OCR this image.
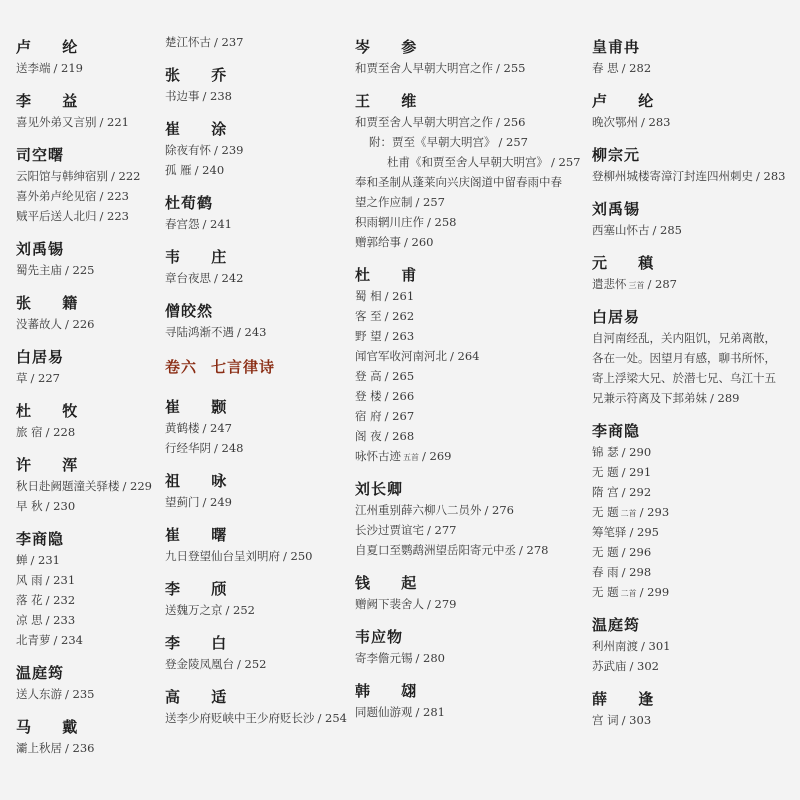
卢 纶
送李端 / 219
李 益
喜见外弟又言别 / 221
司空曙
云阳馆与韩绅宿别 / 222
喜外弟卢纶见宿 / 223
贼平后送人北归 / 223
刘禹锡
蜀先主庙 / 225
张 籍
没蕃故人 / 226
白居易
草 / 227
杜 牧
旅 宿 / 228
许 浑
秋日赴阙题潼关驿楼 / 229
早 秋 / 230
李商隐
蝉 / 231
风 雨 / 231
落 花 / 232
凉 思 / 233
北青萝 / 234
温庭筠
送人东游 / 235
马 戴
灞上秋居 / 236
楚江怀古 / 237
张 乔
书边事 / 238
崔 涂
除夜有怀 / 239
孤 雁 / 240
杜荀鹤
春宫怨 / 241
韦 庄
章台夜思 / 242
僧皎然
寻陆鸿渐不遇 / 243
卷六 七言律诗
崔 颢
黄鹤楼 / 247
行经华阴 / 248
祖 咏
望蓟门 / 249
崔 曙
九日登望仙台呈刘明府 / 250
李 颀
送魏万之京 / 252
李 白
登金陵凤凰台 / 252
高 适
送李少府贬峡中王少府贬长沙 / 254
岑 参
和贾至舍人早朝大明宫之作 / 255
王 维
和贾至舍人早朝大明宫之作 / 256
附：贾至《早朝大明宫》 / 257
杜甫《和贾至舍人早朝大明宫》 / 257
奉和圣制从蓬莱向兴庆阁道中留春雨中春
望之作应制 / 257
积雨辋川庄作 / 258
赠郭给事 / 260
杜 甫
蜀 相 / 261
客 至 / 262
野 望 / 263
闻官军收河南河北 / 264
登 高 / 265
登 楼 / 266
宿 府 / 267
阁 夜 / 268
咏怀古迹 五首 / 269
刘长卿
江州重别薛六柳八二员外 / 276
长沙过贾谊宅 / 277
自夏口至鹦鹉洲望岳阳寄元中丞 / 278
钱 起
赠阙下裴舍人 / 279
韦应物
寄李儋元锡 / 280
韩 翃
同题仙游观 / 281
皇甫冉
春 思 / 282
卢 纶
晚次鄂州 / 283
柳宗元
登柳州城楼寄漳汀封连四州刺史 / 283
刘禹锡
西塞山怀古 / 285
元 稹
遣悲怀 三首 / 287
白居易
自河南经乱，关内阻饥，兄弟离散，
各在一处。因望月有感，聊书所怀，
寄上浮梁大兄、於潜七兄、乌江十五
兄兼示符离及下邽弟妹 / 289
李商隐
锦 瑟 / 290
无 题 / 291
隋 宫 / 292
无 题 二首 / 293
筹笔驿 / 295
无 题 / 296
春 雨 / 298
无 题 二首 / 299
温庭筠
利州南渡 / 301
苏武庙 / 302
薛 逢
宫 词 / 303
